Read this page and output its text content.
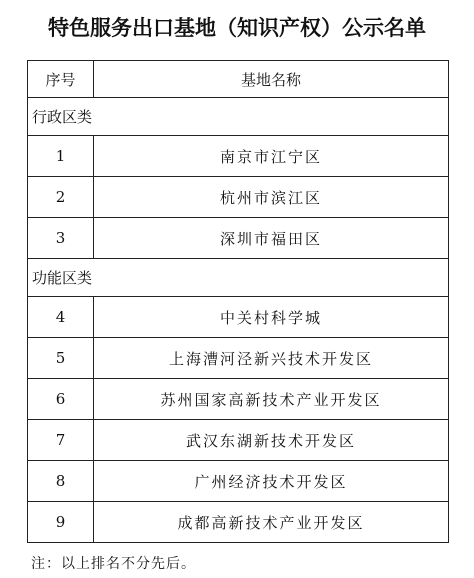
特色服务出口基地（知识产权）公示名单
序号	基地名称
行政区类	
1	南京市江宁区
2	杭州市滨江区
3	深圳市福田区
功能区类	
4	中关村科学城
5	上海漕河泾新兴技术开发区
6	苏州国家高新技术产业开发区
7	武汉东湖新技术开发区
8	广州经济技术开发区
9	成都高新技术产业开发区
注：以上排名不分先后。
